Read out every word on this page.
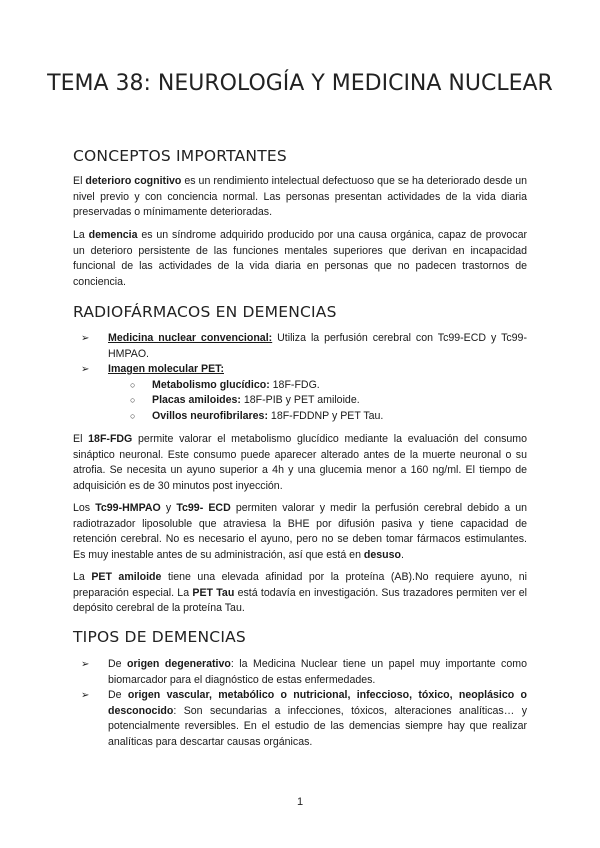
TEMA 38: NEUROLOGÍA Y MEDICINA NUCLEAR
CONCEPTOS IMPORTANTES

El deterioro cognitivo es un rendimiento intelectual defectuoso que se ha deteriorado desde un nivel previo y con conciencia normal. Las personas presentan actividades de la vida diaria preservadas o mínimamente deterioradas.

La demencia es un síndrome adquirido producido por una causa orgánica, capaz de provocar un deterioro persistente de las funciones mentales superiores que derivan en incapacidad funcional de las actividades de la vida diaria en personas que no padecen trastornos de conciencia.

RADIOFÁRMACOS EN DEMENCIAS
➢ Medicina nuclear convencional: Utiliza la perfusión cerebral con Tc99-ECD y Tc99-HMPAO.
➢ Imagen molecular PET:
○ Metabolismo glucídico: 18F-FDG.
○ Placas amiloides: 18F-PIB y PET amiloide.
○ Ovillos neurofibrilares: 18F-FDDNP y PET Tau.

El 18F-FDG permite valorar el metabolismo glucídico mediante la evaluación del consumo sináptico neuronal. Este consumo puede aparecer alterado antes de la muerte neuronal o su atrofia. Se necesita un ayuno superior a 4h y una glucemia menor a 160 ng/ml. El tiempo de adquisición es de 30 minutos post inyección.

Los Tc99-HMPAO y Tc99- ECD permiten valorar y medir la perfusión cerebral debido a un radiotrazador liposoluble que atraviesa la BHE por difusión pasiva y tiene capacidad de retención cerebral. No es necesario el ayuno, pero no se deben tomar fármacos estimulantes. Es muy inestable antes de su administración, así que está en desuso.

La PET amiloide tiene una elevada afinidad por la proteína (AB).No requiere ayuno, ni preparación especial. La PET Tau está todavía en investigación. Sus trazadores permiten ver el depósito cerebral de la proteína Tau.

TIPOS DE DEMENCIAS
➢ De origen degenerativo: la Medicina Nuclear tiene un papel muy importante como biomarcador para el diagnóstico de estas enfermedades.
➢ De origen vascular, metabólico o nutricional, infeccioso, tóxico, neoplásico o desconocido: Son secundarias a infecciones, tóxicos, alteraciones analíticas… y potencialmente reversibles. En el estudio de las demencias siempre hay que realizar analíticas para descartar causas orgánicas.
1
